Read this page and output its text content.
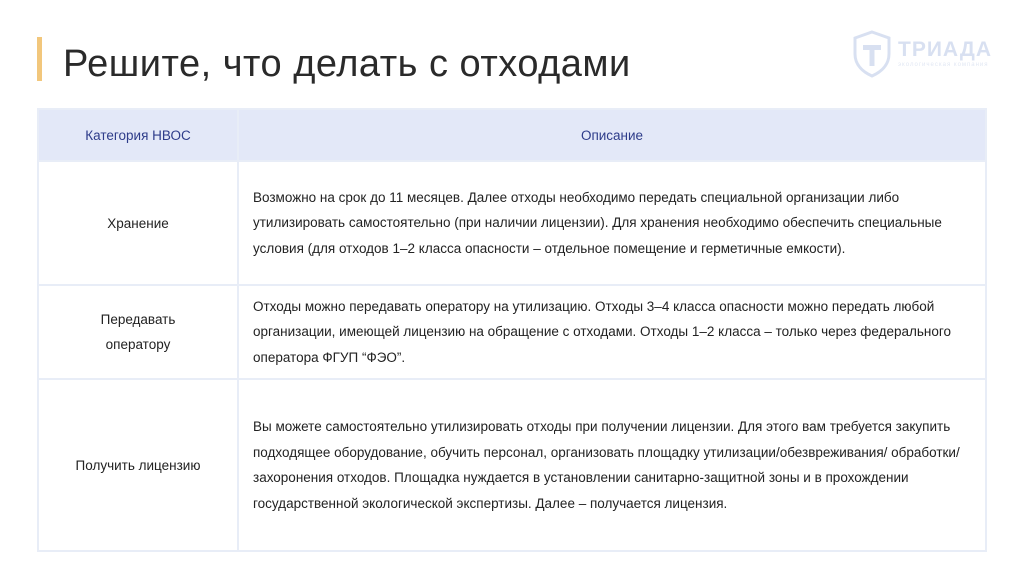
Решите, что делать с отходами	ТРИАДА
экологическая компания
Категория НВОС	Описание
Хранение	Возможно на срок до 11 месяцев. Далее отходы необходимо передать специальной организации либо утилизировать самостоятельно (при наличии лицензии). Для хранения необходимо обеспечить специальные условия (для отходов 1–2 класса опасности – отдельное помещение и герметичные емкости).
Передавать оператору	Отходы можно передавать оператору на утилизацию. Отходы 3–4 класса опасности можно передать любой организации, имеющей лицензию на обращение с отходами. Отходы 1–2 класса – только через федерального оператора ФГУП “ФЭО”.
Получить лицензию	Вы можете самостоятельно утилизировать отходы при получении лицензии. Для этого вам требуется закупить подходящее оборудование, обучить персонал, организовать площадку утилизации/обезвреживания/ обработки/ захоронения отходов. Площадка нуждается в установлении санитарно-защитной зоны и в прохождении государственной экологической экспертизы. Далее – получается лицензия.
